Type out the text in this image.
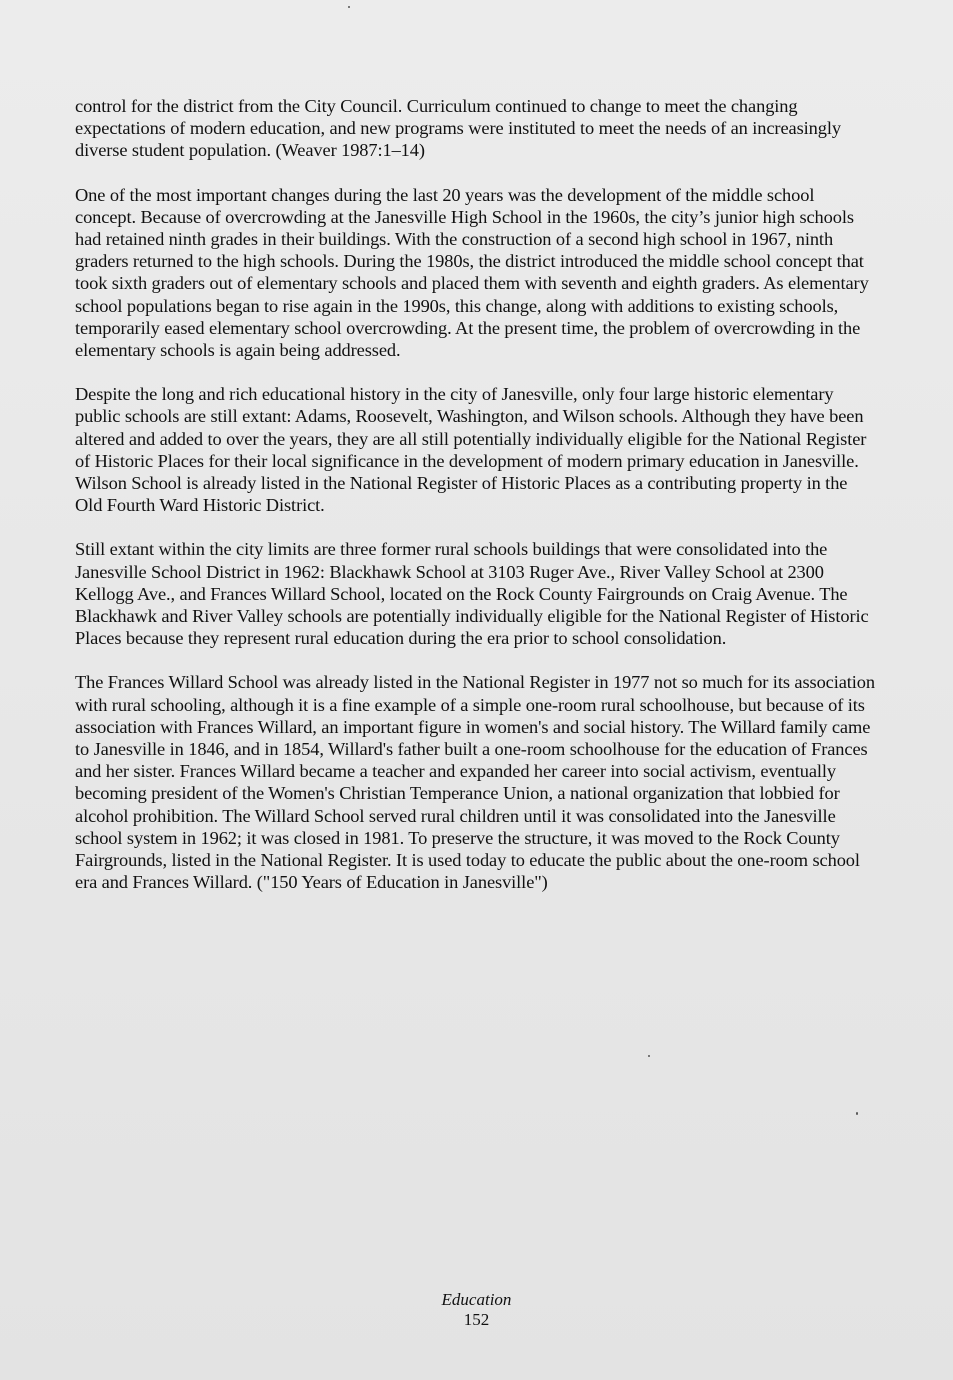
control for the district from the City Council. Curriculum continued to change to meet the changing expectations of modern education, and new programs were instituted to meet the needs of an increasingly diverse student population. (Weaver 1987:1–14)

One of the most important changes during the last 20 years was the development of the middle school concept. Because of overcrowding at the Janesville High School in the 1960s, the city’s junior high schools had retained ninth grades in their buildings. With the construction of a second high school in 1967, ninth graders returned to the high schools. During the 1980s, the district introduced the middle school concept that took sixth graders out of elementary schools and placed them with seventh and eighth graders. As elementary school populations began to rise again in the 1990s, this change, along with additions to existing schools, temporarily eased elementary school overcrowding. At the present time, the problem of overcrowding in the elementary schools is again being addressed.

Despite the long and rich educational history in the city of Janesville, only four large historic elementary public schools are still extant: Adams, Roosevelt, Washington, and Wilson schools. Although they have been altered and added to over the years, they are all still potentially individually eligible for the National Register of Historic Places for their local significance in the development of modern primary education in Janesville. Wilson School is already listed in the National Register of Historic Places as a contributing property in the Old Fourth Ward Historic District.

Still extant within the city limits are three former rural schools buildings that were consolidated into the Janesville School District in 1962: Blackhawk School at 3103 Ruger Ave., River Valley School at 2300 Kellogg Ave., and Frances Willard School, located on the Rock County Fairgrounds on Craig Avenue. The Blackhawk and River Valley schools are potentially individually eligible for the National Register of Historic Places because they represent rural education during the era prior to school consolidation.

The Frances Willard School was already listed in the National Register in 1977 not so much for its association with rural schooling, although it is a fine example of a simple one-room rural schoolhouse, but because of its association with Frances Willard, an important figure in women's and social history. The Willard family came to Janesville in 1846, and in 1854, Willard's father built a one-room schoolhouse for the education of Frances and her sister. Frances Willard became a teacher and expanded her career into social activism, eventually becoming president of the Women's Christian Temperance Union, a national organization that lobbied for alcohol prohibition. The Willard School served rural children until it was consolidated into the Janesville school system in 1962; it was closed in 1981. To preserve the structure, it was moved to the Rock County Fairgrounds, listed in the National Register. It is used today to educate the public about the one-room school era and Frances Willard. ("150 Years of Education in Janesville")

Education
152
